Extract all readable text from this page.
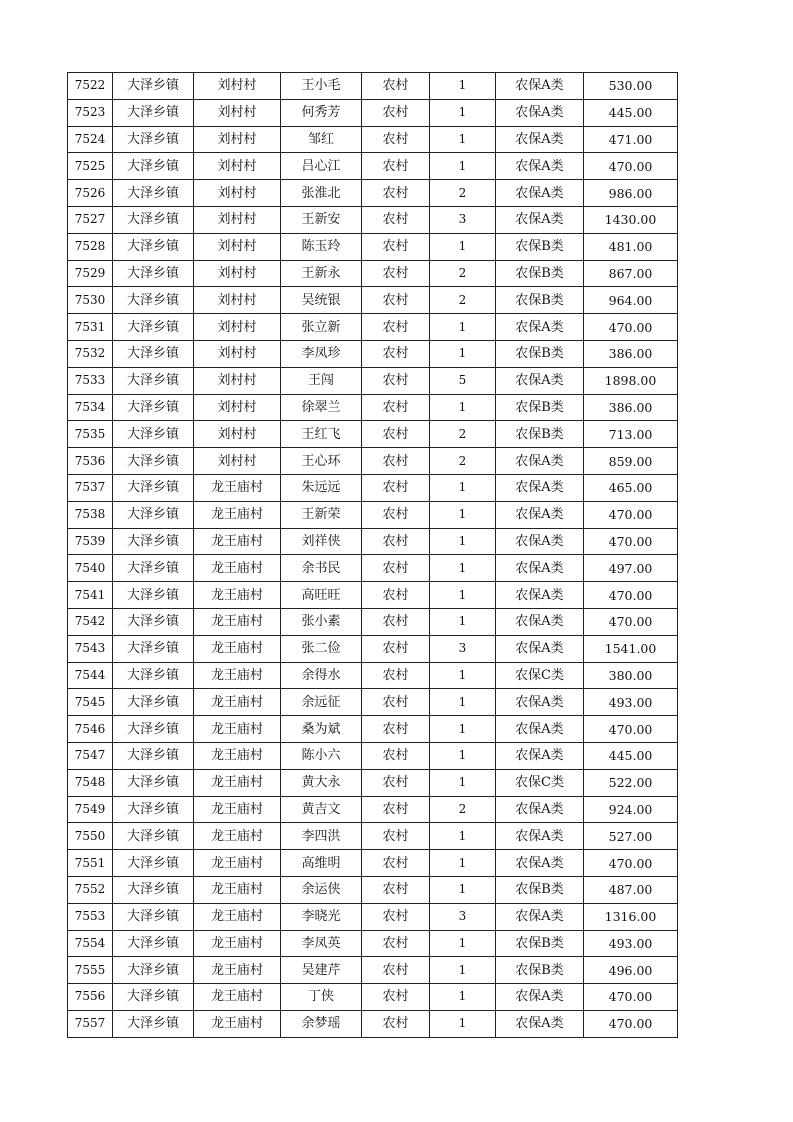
7522	大泽乡镇	刘村村	王小毛	农村	1	农保A类	530.00
7523	大泽乡镇	刘村村	何秀芳	农村	1	农保A类	445.00
7524	大泽乡镇	刘村村	邹红	农村	1	农保A类	471.00
7525	大泽乡镇	刘村村	吕心江	农村	1	农保A类	470.00
7526	大泽乡镇	刘村村	张淮北	农村	2	农保A类	986.00
7527	大泽乡镇	刘村村	王新安	农村	3	农保A类	1430.00
7528	大泽乡镇	刘村村	陈玉玲	农村	1	农保B类	481.00
7529	大泽乡镇	刘村村	王新永	农村	2	农保B类	867.00
7530	大泽乡镇	刘村村	吴统银	农村	2	农保B类	964.00
7531	大泽乡镇	刘村村	张立新	农村	1	农保A类	470.00
7532	大泽乡镇	刘村村	李凤珍	农村	1	农保B类	386.00
7533	大泽乡镇	刘村村	王闯	农村	5	农保A类	1898.00
7534	大泽乡镇	刘村村	徐翠兰	农村	1	农保B类	386.00
7535	大泽乡镇	刘村村	王红飞	农村	2	农保B类	713.00
7536	大泽乡镇	刘村村	王心环	农村	2	农保A类	859.00
7537	大泽乡镇	龙王庙村	朱远远	农村	1	农保A类	465.00
7538	大泽乡镇	龙王庙村	王新荣	农村	1	农保A类	470.00
7539	大泽乡镇	龙王庙村	刘祥侠	农村	1	农保A类	470.00
7540	大泽乡镇	龙王庙村	余书民	农村	1	农保A类	497.00
7541	大泽乡镇	龙王庙村	高旺旺	农村	1	农保A类	470.00
7542	大泽乡镇	龙王庙村	张小素	农村	1	农保A类	470.00
7543	大泽乡镇	龙王庙村	张二俭	农村	3	农保A类	1541.00
7544	大泽乡镇	龙王庙村	余得水	农村	1	农保C类	380.00
7545	大泽乡镇	龙王庙村	余远征	农村	1	农保A类	493.00
7546	大泽乡镇	龙王庙村	桑为斌	农村	1	农保A类	470.00
7547	大泽乡镇	龙王庙村	陈小六	农村	1	农保A类	445.00
7548	大泽乡镇	龙王庙村	黄大永	农村	1	农保C类	522.00
7549	大泽乡镇	龙王庙村	黄吉文	农村	2	农保A类	924.00
7550	大泽乡镇	龙王庙村	李四洪	农村	1	农保A类	527.00
7551	大泽乡镇	龙王庙村	高维明	农村	1	农保A类	470.00
7552	大泽乡镇	龙王庙村	余运侠	农村	1	农保B类	487.00
7553	大泽乡镇	龙王庙村	李晓光	农村	3	农保A类	1316.00
7554	大泽乡镇	龙王庙村	李凤英	农村	1	农保B类	493.00
7555	大泽乡镇	龙王庙村	吴建芹	农村	1	农保B类	496.00
7556	大泽乡镇	龙王庙村	丁侠	农村	1	农保A类	470.00
7557	大泽乡镇	龙王庙村	余梦瑶	农村	1	农保A类	470.00
